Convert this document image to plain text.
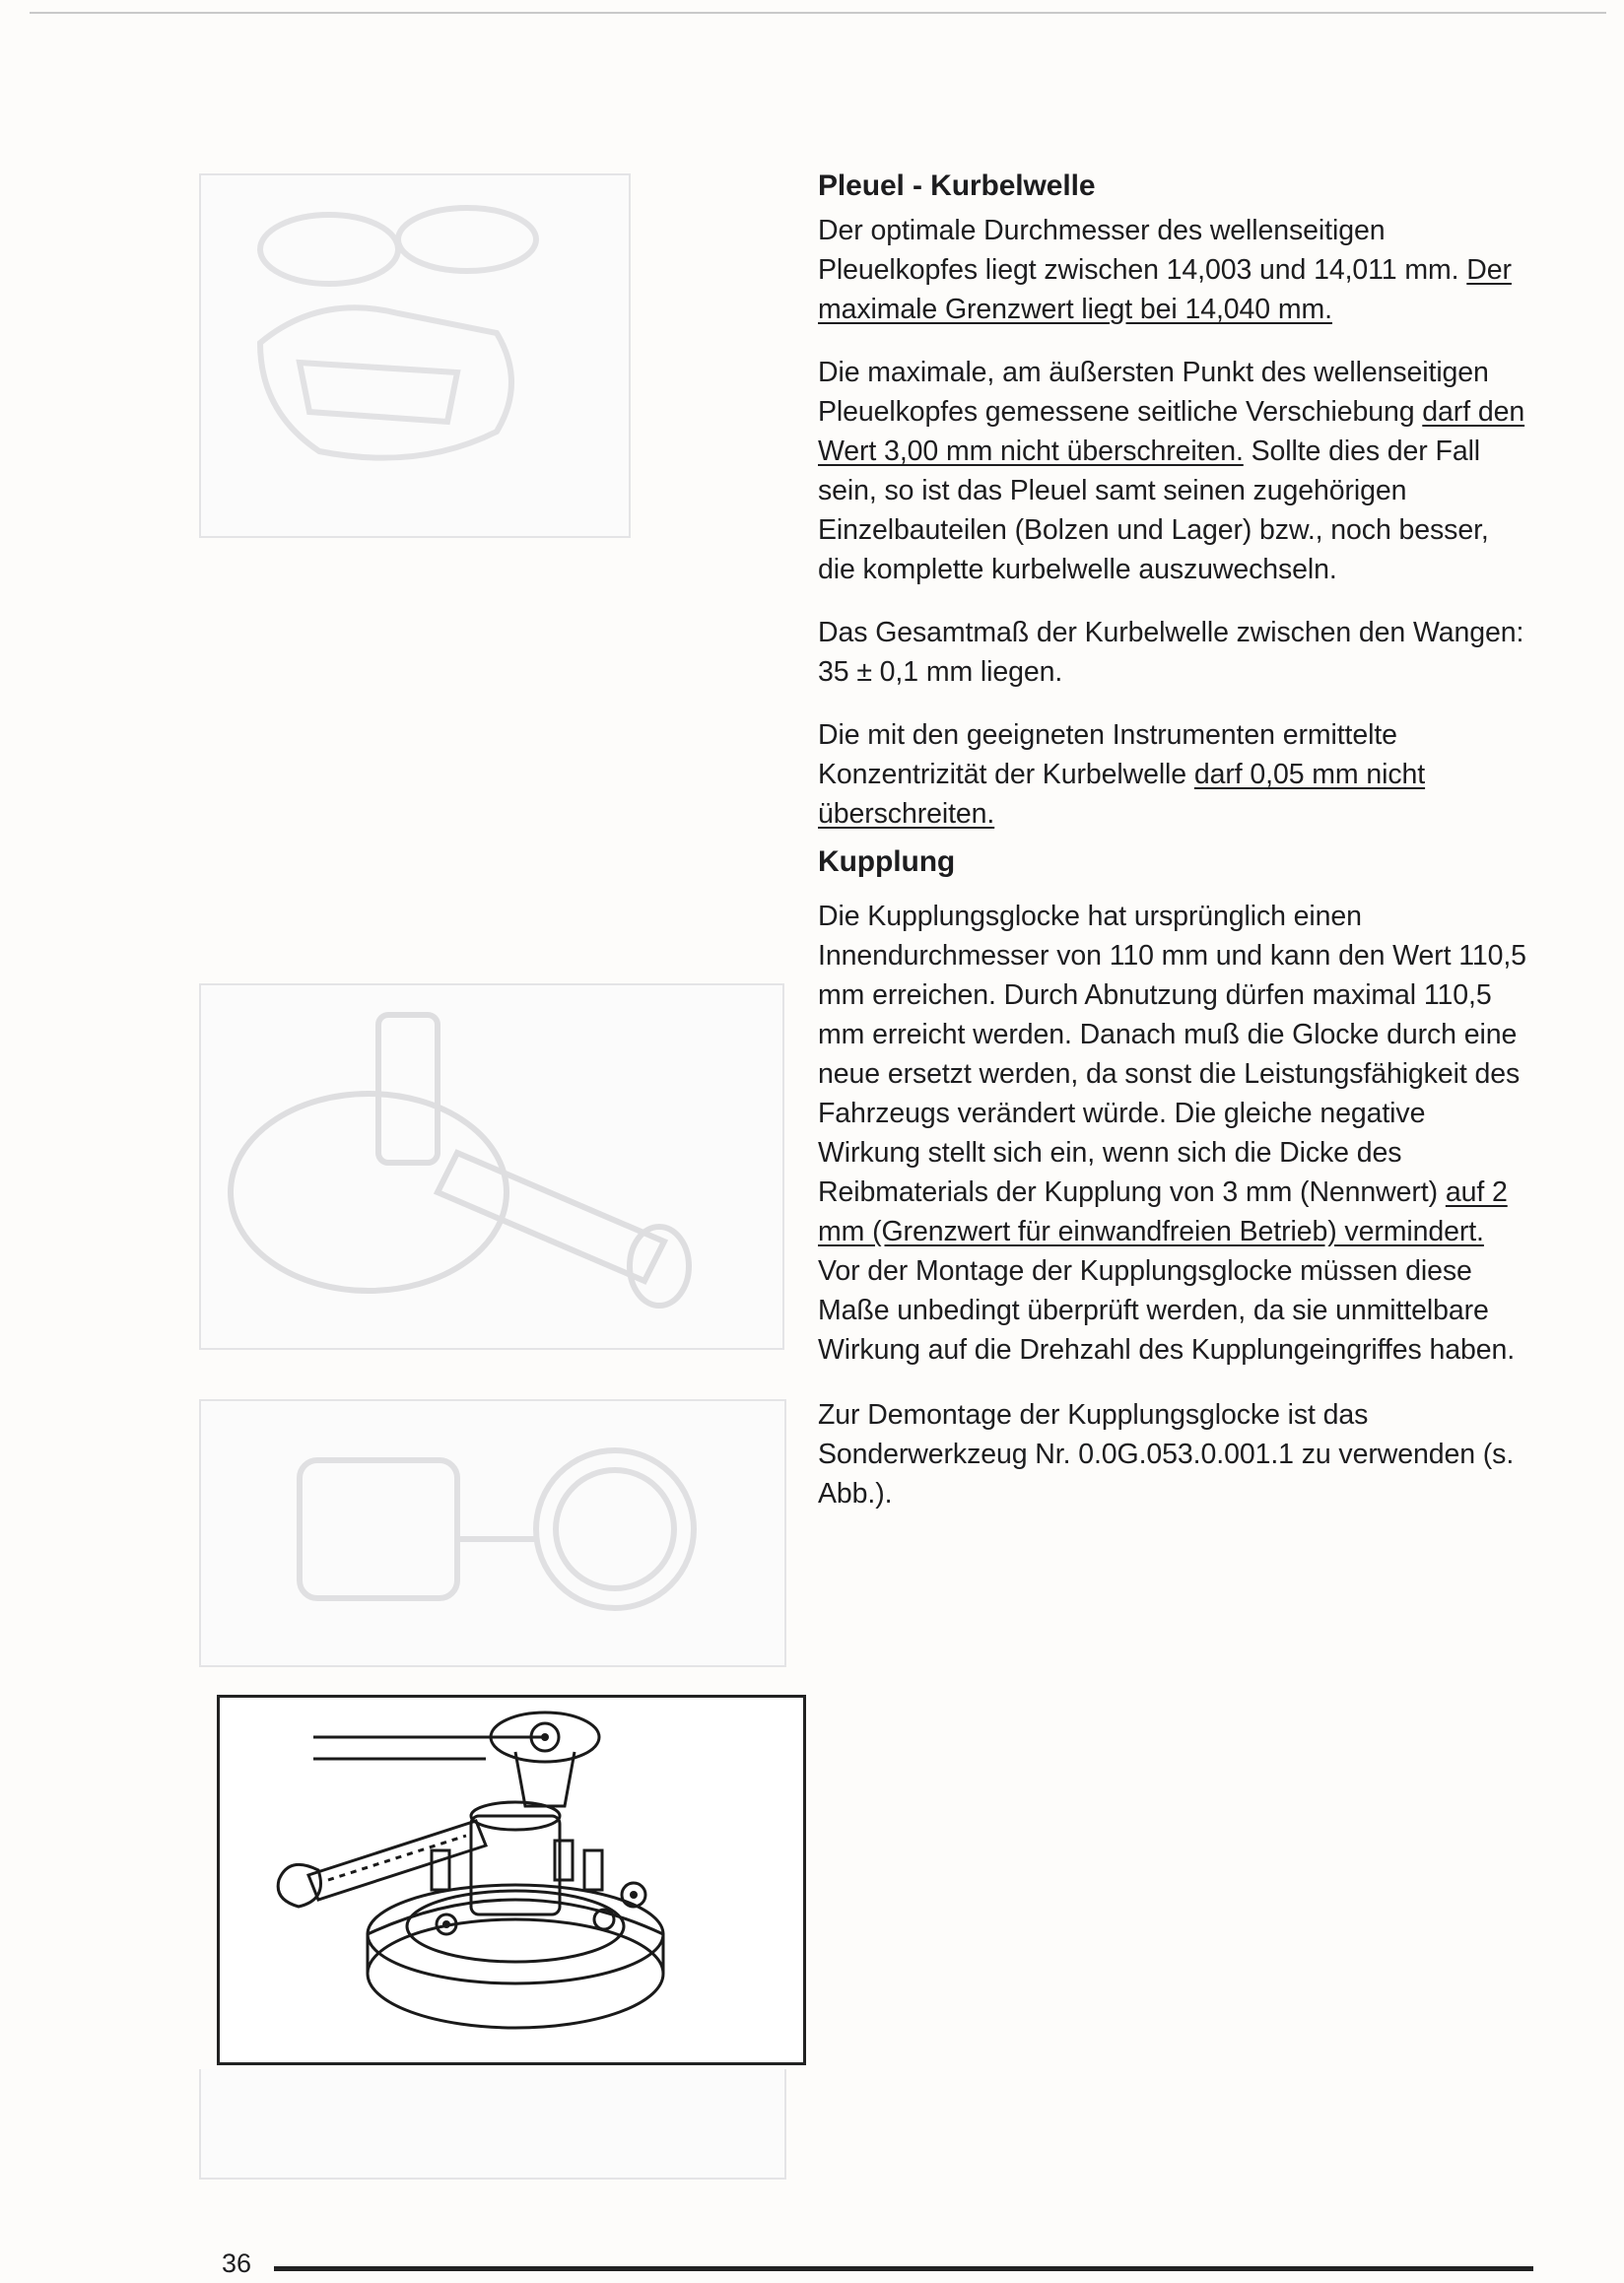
Pleuel - Kurbelwelle

Der optimale Durchmesser des wellenseitigen Pleuelkopfes liegt zwischen 14,003 und 14,011 mm. Der maximale Grenzwert liegt bei 14,040 mm.

Die maximale, am äußersten Punkt des wellenseitigen Pleuelkopfes gemessene seitliche Verschiebung darf den Wert 3,00 mm nicht überschreiten. Sollte dies der Fall sein, so ist das Pleuel samt seinen zugehörigen Einzelbauteilen (Bolzen und Lager) bzw., noch besser, die komplette kurbelwelle auszuwechseln.

Das Gesamtmaß der Kurbelwelle zwischen den Wangen: 35 ± 0,1 mm liegen.

Die mit den geeigneten Instrumenten ermittelte Konzentrizität der Kurbelwelle darf 0,05 mm nicht überschreiten.

Kupplung

Die Kupplungsglocke hat ursprünglich einen Innendurchmesser von 110 mm und kann den Wert 110,5 mm erreichen. Durch Abnutzung dürfen maximal 110,5 mm erreicht werden. Danach muß die Glocke durch eine neue ersetzt werden, da sonst die Leistungsfähigkeit des Fahrzeugs verändert würde. Die gleiche negative Wirkung stellt sich ein, wenn sich die Dicke des Reibmaterials der Kupplung von 3 mm (Nennwert) auf 2 mm (Grenzwert für einwandfreien Betrieb) vermindert. Vor der Montage der Kupplungsglocke müssen diese Maße unbedingt überprüft werden, da sie unmittelbare Wirkung auf die Drehzahl des Kupplungeingriffes haben.

Zur Demontage der Kupplungsglocke ist das Sonderwerkzeug Nr. 0.0G.053.0.001.1 zu verwenden (s. Abb.).

36
